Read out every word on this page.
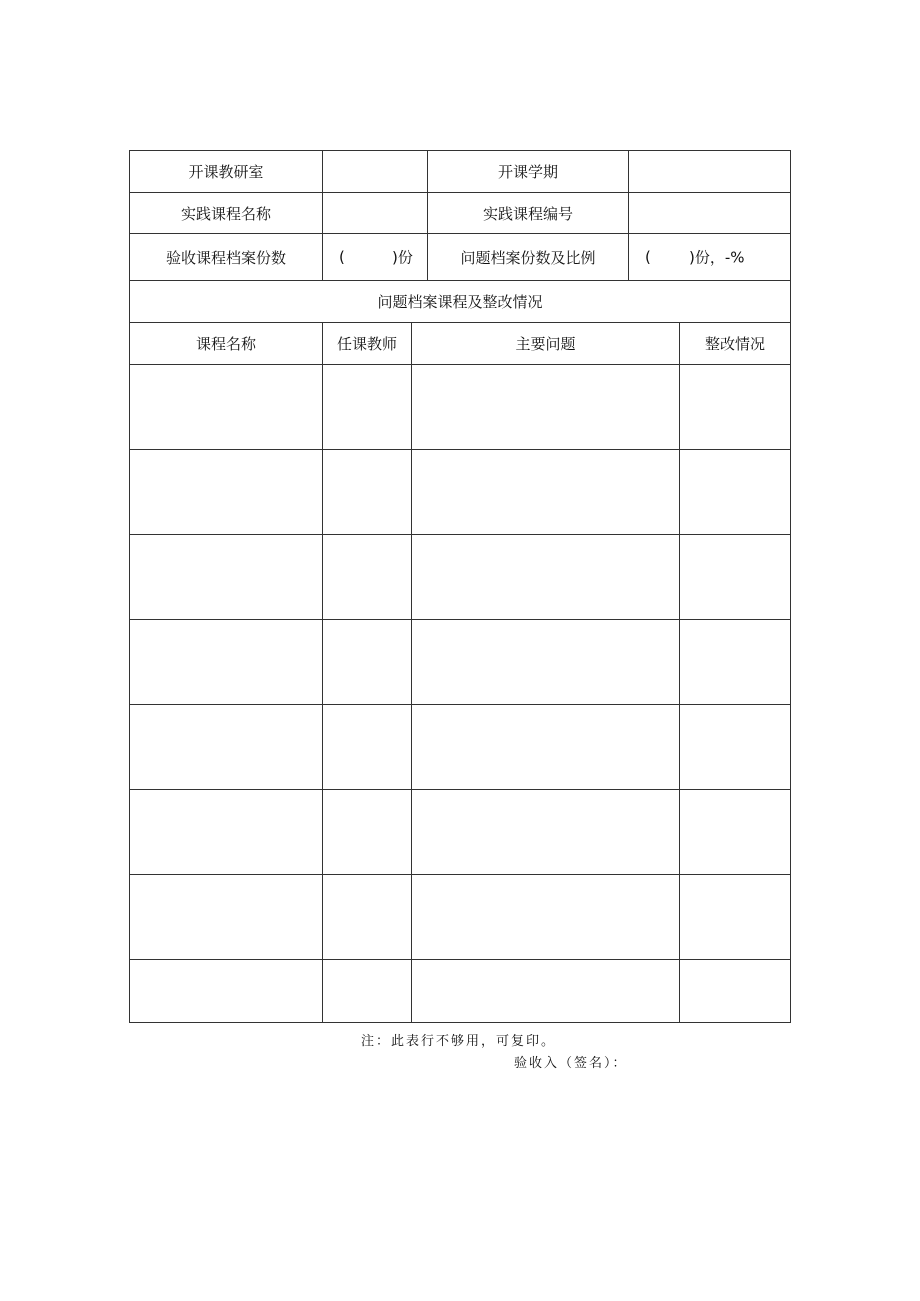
开课教研室		开课学期	
实践课程名称		实践课程编号	
验收课程档案份数	( )份	问题档案份数及比例	( )份，-%

问题档案课程及整改情况			
课程名称	任课教师	主要问题	整改情况

注：此表行不够用，可复印。
验收入（签名）：
